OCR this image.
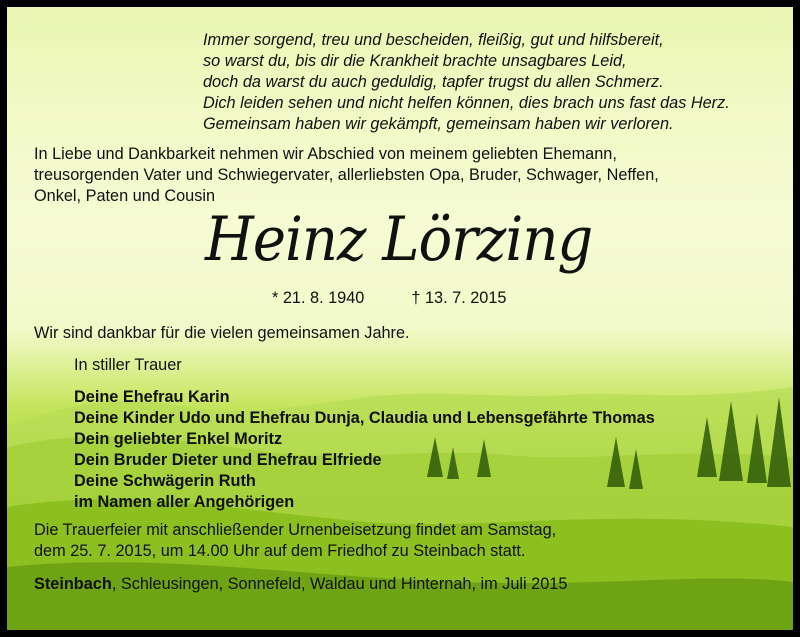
Immer sorgend, treu und bescheiden, fleißig, gut und hilfsbereit,
so warst du, bis dir die Krankheit brachte unsagbares Leid,
doch da warst du auch geduldig, tapfer trugst du allen Schmerz.
Dich leiden sehen und nicht helfen können, dies brach uns fast das Herz.
Gemeinsam haben wir gekämpft, gemeinsam haben wir verloren.
In Liebe und Dankbarkeit nehmen wir Abschied von meinem geliebten Ehemann,
treusorgenden Vater und Schwiegervater, allerliebsten Opa, Bruder, Schwager, Neffen,
Onkel, Paten und Cousin
Heinz Lörzing
* 21. 8. 1940	† 13. 7. 2015
Wir sind dankbar für die vielen gemeinsamen Jahre.
In stiller Trauer
Deine Ehefrau Karin
Deine Kinder Udo und Ehefrau Dunja, Claudia und Lebensgefährte Thomas
Dein geliebter Enkel Moritz
Dein Bruder Dieter und Ehefrau Elfriede
Deine Schwägerin Ruth
im Namen aller Angehörigen
Die Trauerfeier mit anschließender Urnenbeisetzung findet am Samstag,
dem 25. 7. 2015, um 14.00 Uhr auf dem Friedhof zu Steinbach statt.
Steinbach, Schleusingen, Sonnefeld, Waldau und Hinternah, im Juli 2015
